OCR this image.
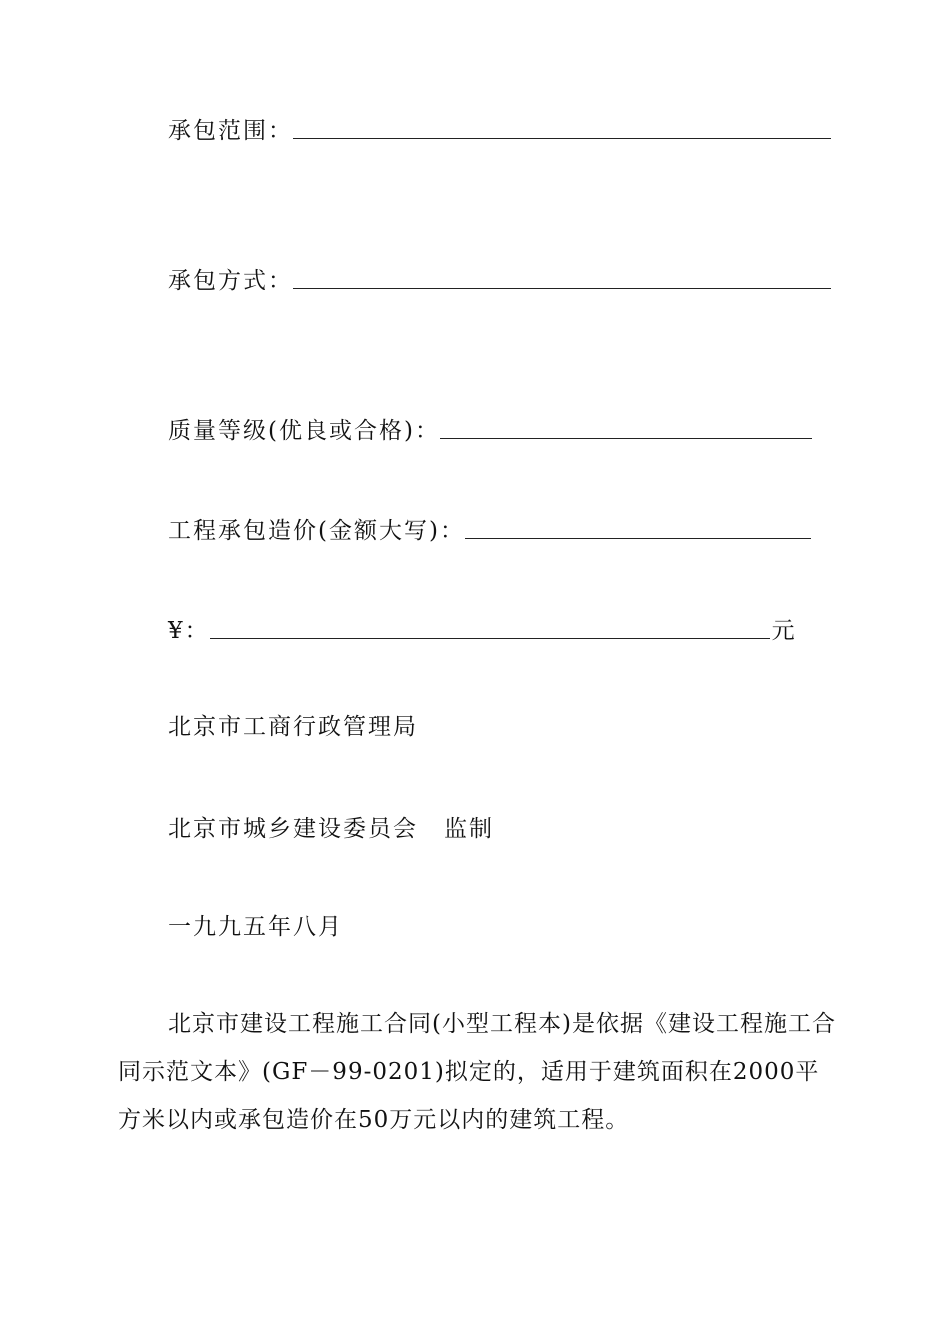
承包范围：
承包方式：
质量等级(优良或合格)：
工程承包造价(金额大写)：
¥：	元
北京市工商行政管理局
北京市城乡建设委员会 监制
一九九五年八月
北京市建设工程施工合同(小型工程本)是依据《建设工程施工合同示范文本》(GF－99-0201)拟定的，适用于建筑面积在2000平方米以内或承包造价在50万元以内的建筑工程。
